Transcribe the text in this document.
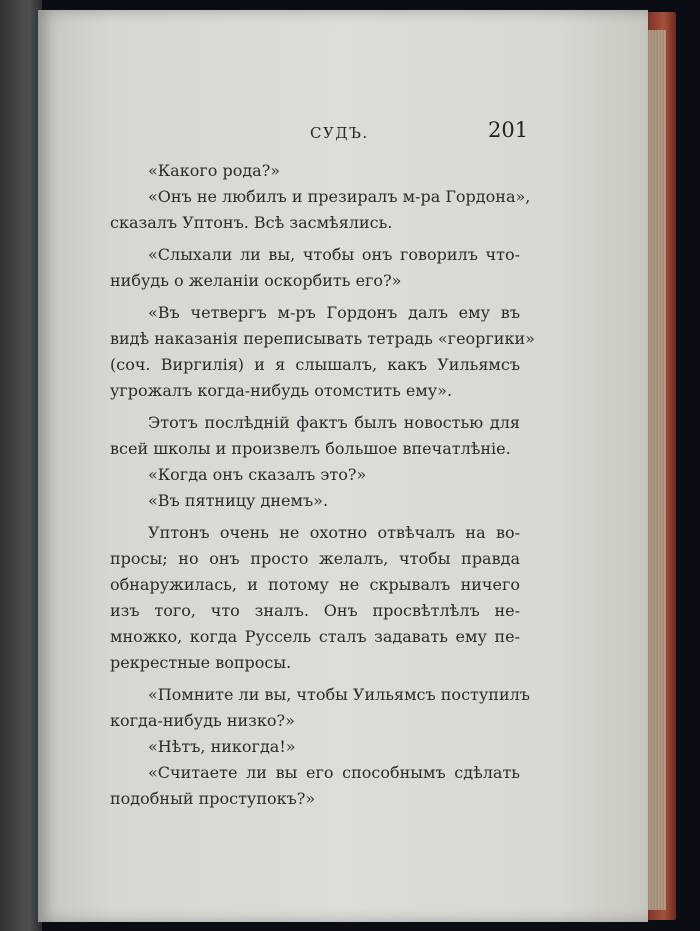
СУДЪ.	201
«Какого рода?»
«Онъ не любилъ и презиралъ м-ра Гордона»,
сказалъ Уптонъ. Всѣ засмѣялись.
«Слыхали ли вы, чтобы онъ говорилъ что-
нибудь о желаніи оскорбить его?»
«Въ четвергъ м-ръ Гордонъ далъ ему въ
видѣ наказанія переписывать тетрадь «георгики»
(соч. Виргилія) и я слышалъ, какъ Уильямсъ
угрожалъ когда-нибудь отомстить ему».
Этотъ послѣдній фактъ былъ новостью для
всей школы и произвелъ большое впечатлѣніе.
«Когда онъ сказалъ это?»
«Въ пятницу днемъ».
Уптонъ очень не охотно отвѣчалъ на во-
просы; но онъ просто желалъ, чтобы правда
обнаружилась, и потому не скрывалъ ничего
изъ того, что зналъ. Онъ просвѣтлѣлъ не-
множко, когда Руссель сталъ задавать ему пе-
рекрестные вопросы.
«Помните ли вы, чтобы Уильямсъ поступилъ
когда-нибудь низко?»
«Нѣтъ, никогда!»
«Считаете ли вы его способнымъ сдѣлать
подобный проступокъ?»
